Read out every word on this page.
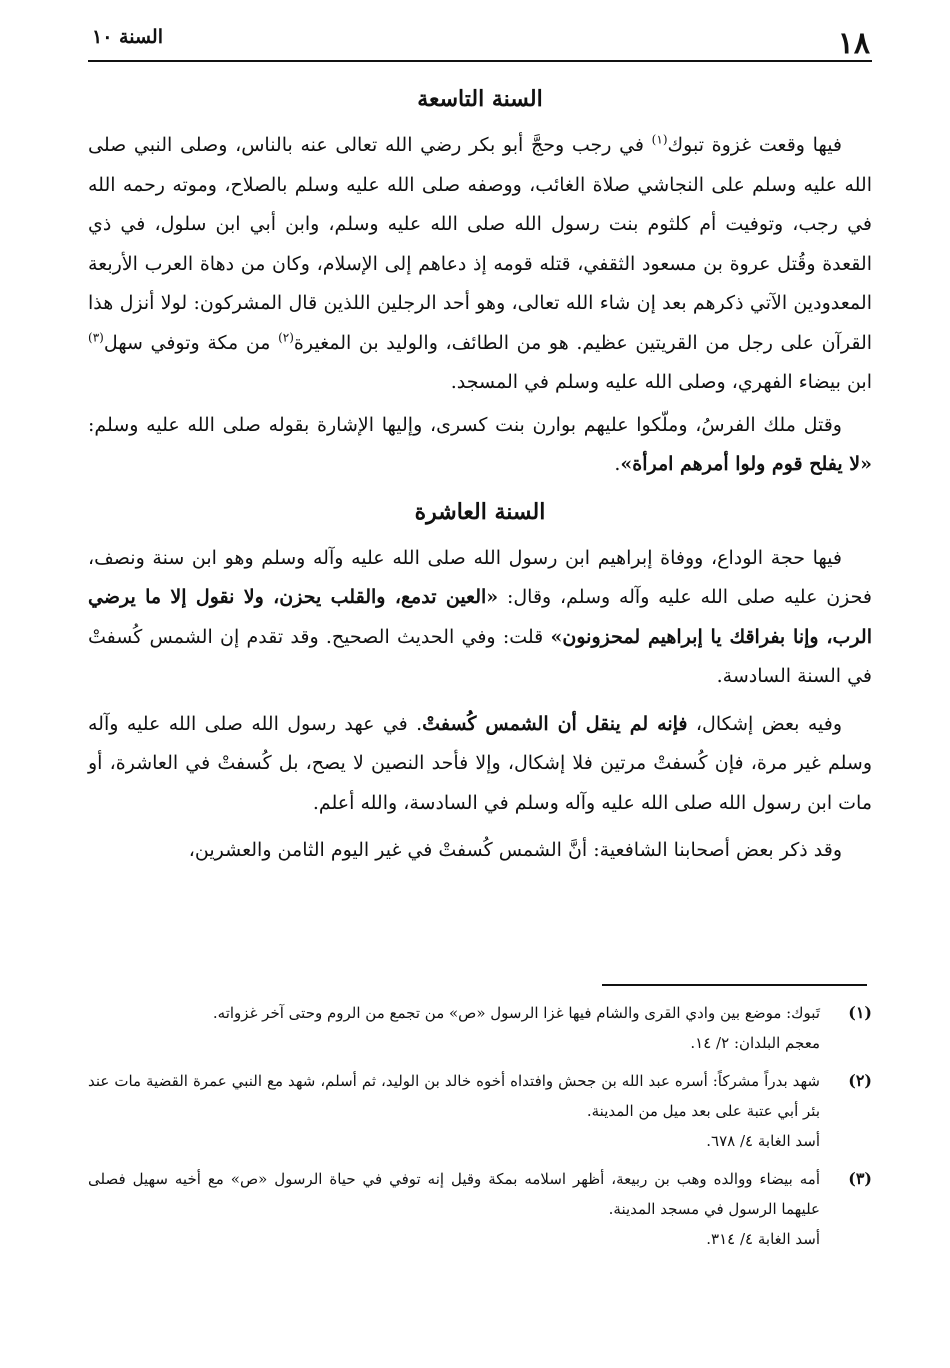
١٨
السنة ١٠
السنة التاسعة

فيها وقعت غزوة تبوك$^{(١)}$ في رجب وحجَّ أبو بكر رضي الله تعالى عنه بالناس، وصلى النبي صلى الله عليه وسلم على النجاشي صلاة الغائب، ووصفه صلى الله عليه وسلم بالصلاح، وموته رحمه الله في رجب، وتوفيت أم كلثوم بنت رسول الله صلى الله عليه وسلم، وابن أبي ابن سلول، في ذي القعدة وقُتل عروة بن مسعود الثقفي، قتله قومه إذ دعاهم إلى الإسلام، وكان من دهاة العرب الأربعة المعدودين الآتي ذكرهم بعد إن شاء الله تعالى، وهو أحد الرجلين اللذين قال المشركون: لولا أنزل هذا القرآن على رجل من القريتين عظيم. هو من الطائف، والوليد بن المغيرة$^{(٢)}$ من مكة وتوفي سهل$^{(٣)}$ ابن بيضاء الفهري، وصلى الله عليه وسلم في المسجد.

وقتل ملك الفرسُ، وملّكوا عليهم بوارن بنت كسرى، وإليها الإشارة بقوله صلى الله عليه وسلم: «لا يفلح قوم ولوا أمرهم امرأة».

السنة العاشرة

فيها حجة الوداع، ووفاة إبراهيم ابن رسول الله صلى الله عليه وآله وسلم وهو ابن سنة ونصف، فحزن عليه صلى الله عليه وآله وسلم، وقال: «العين تدمع، والقلب يحزن، ولا نقول إلا ما يرضي الرب، وإنا بفراقك يا إبراهيم لمحزونون» قلت: وفي الحديث الصحيح. وقد تقدم إن الشمس كُسفتْ في السنة السادسة.

وفيه بعض إشكال، فإنه لم ينقل أن الشمس كُسفتْ. في عهد رسول الله صلى الله عليه وآله وسلم غير مرة، فإن كُسفتْ مرتين فلا إشكال، وإلا فأحد النصين لا يصح، بل كُسفتْ في العاشرة، أو مات ابن رسول الله صلى الله عليه وآله وسلم في السادسة، والله أعلم.

وقد ذكر بعض أصحابنا الشافعية: أنَّ الشمس كُسفتْ في غير اليوم الثامن والعشرين،

(١)

تَبوك: موضع بين وادي القرى والشام فيها غزا الرسول «ص» من تجمع من الروم وحتى آخر غزواته.

معجم البلدان: ٢/ ١٤.

(٢)

شهد بدراً مشركاً: أسره عبد الله بن جحش وافتداه أخوه خالد بن الوليد، ثم أسلم، شهد مع النبي عمرة القضية مات عند بئر أبي عتبة على بعد ميل من المدينة.

أسد الغابة ٤/ ٦٧٨.

(٣)

أمه بيضاء ووالده وهب بن ربيعة، أظهر اسلامه بمكة وقيل إنه توفي في حياة الرسول «ص» مع أخيه سهيل فصلى عليهما الرسول في مسجد المدينة.

أسد الغابة ٤/ ٣١٤.
